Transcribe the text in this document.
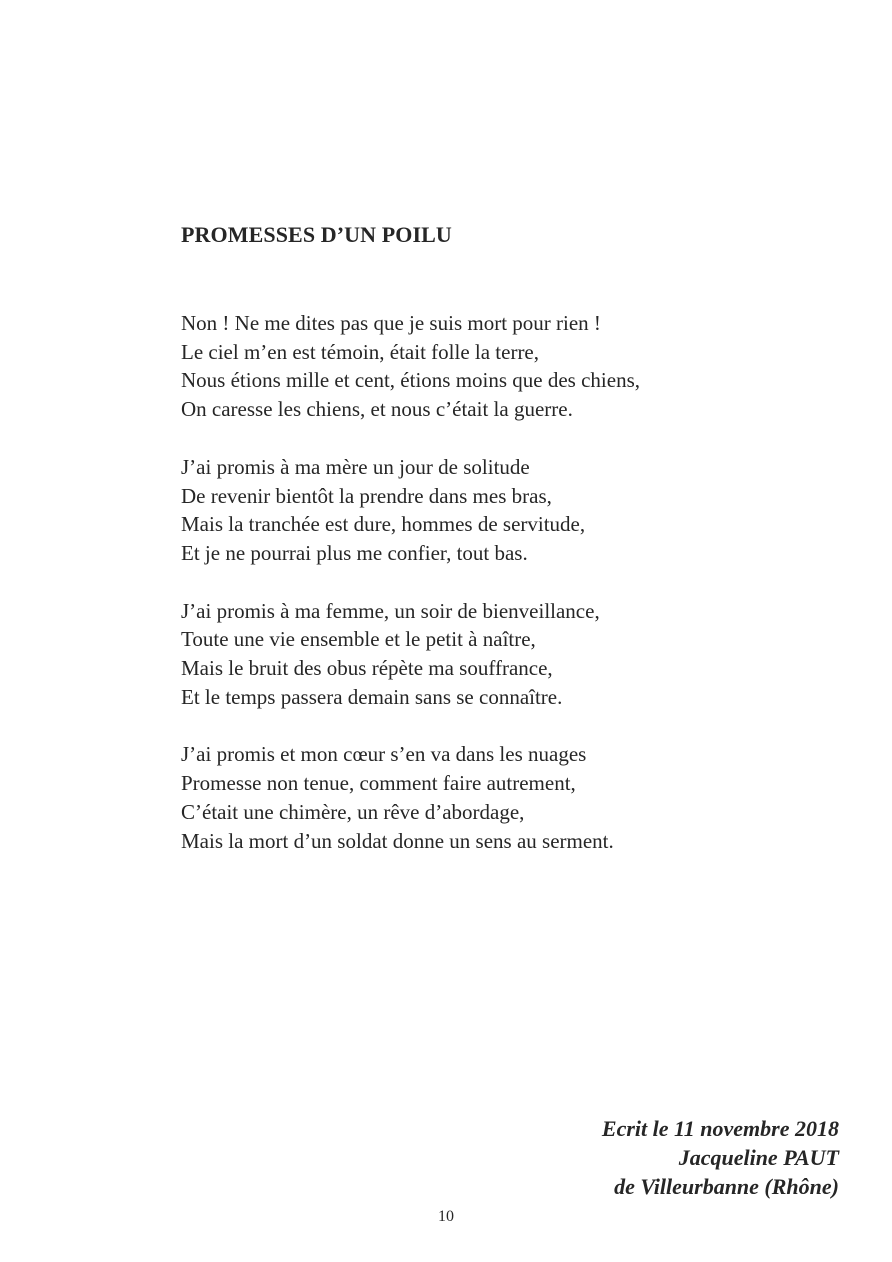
PROMESSES D’UN POILU
Non ! Ne me dites pas que je suis mort pour rien !
Le ciel m’en est témoin, était folle la terre,
Nous étions mille et cent, étions moins que des chiens,
On caresse les chiens, et nous c’était la guerre.
J’ai promis à ma mère un jour de solitude
De revenir bientôt la prendre dans mes bras,
Mais la tranchée est dure, hommes de servitude,
Et je ne pourrai plus me confier, tout bas.
J’ai promis à ma femme, un soir de bienveillance,
Toute une vie ensemble et le petit à naître,
Mais le bruit des obus répète ma souffrance,
Et le temps passera demain sans se connaître.
J’ai promis et mon cœur s’en va dans les nuages
Promesse non tenue, comment faire autrement,
C’était une chimère, un rêve d’abordage,
Mais la mort d’un soldat donne un sens au serment.
Ecrit le 11 novembre 2018
Jacqueline PAUT
de Villeurbanne (Rhône)
10
